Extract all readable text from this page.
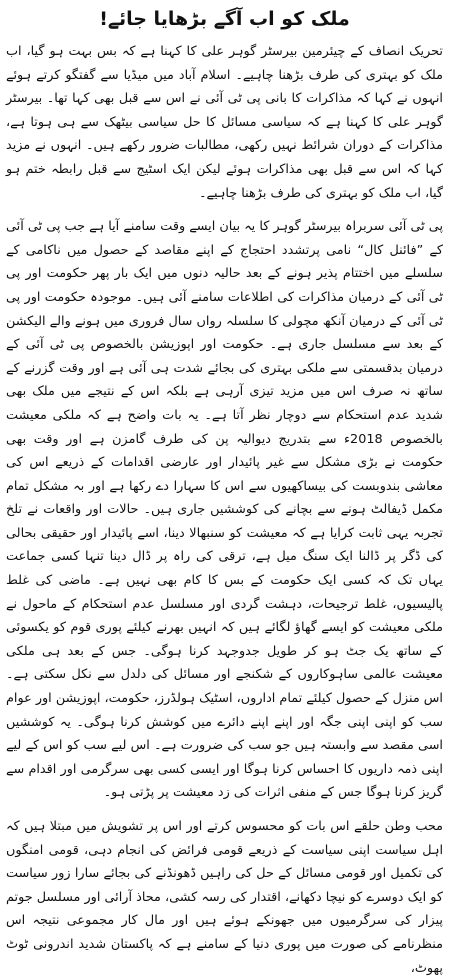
ملک کو اب آگے بڑھایا جائے!

تحریک انصاف کے چیئرمین بیرسٹر گوہر علی کا کہنا ہے کہ بس بہت ہو گیا، اب ملک کو بہتری کی طرف بڑھنا چاہیے۔ اسلام آباد میں میڈیا سے گفتگو کرتے ہوئے انہوں نے کہا کہ مذاکرات کا بانی پی ٹی آئی نے اس سے قبل بھی کہا تھا۔ بیرسٹر گوہر علی کا کہنا ہے کہ سیاسی مسائل کا حل سیاسی بیٹھک سے ہی ہوتا ہے، مذاکرات کے دوران شرائط نہیں رکھی، مطالبات ضرور رکھے ہیں۔ انہوں نے مزید کہا کہ اس سے قبل بھی مذاکرات ہوئے لیکن ایک اسٹیج سے قبل رابطہ ختم ہو گیا، اب ملک کو بہتری کی طرف بڑھنا چاہیے۔

پی ٹی آئی سربراہ بیرسٹر گوہر کا یہ بیان ایسے وقت سامنے آیا ہے جب پی ٹی آئی کے ”فائنل کال“ نامی پرتشدد احتجاج کے اپنے مقاصد کے حصول میں ناکامی کے سلسلے میں اختتام پذیر ہونے کے بعد حالیہ دنوں میں ایک بار پھر حکومت اور پی ٹی آئی کے درمیان مذاکرات کی اطلاعات سامنے آئی ہیں۔ موجودہ حکومت اور پی ٹی آئی کے درمیان آنکھ مچولی کا سلسلہ رواں سال فروری میں ہونے والے الیکشن کے بعد سے مسلسل جاری ہے۔ حکومت اور اپوزیشن بالخصوص پی ٹی آئی کے درمیان بدقسمتی سے ملکی بہتری کی بجائے شدت ہی آئی ہے اور وقت گزرنے کے ساتھ نہ صرف اس میں مزید تیزی آرہی ہے بلکہ اس کے نتیجے میں ملک بھی شدید عدم استحکام سے دوچار نظر آتا ہے۔ یہ بات واضح ہے کہ ملکی معیشت بالخصوص 2018ء سے بتدریج دیوالیہ پن کی طرف گامزن ہے اور وقت بھی حکومت نے بڑی مشکل سے غیر پائیدار اور عارضی اقدامات کے ذریعے اس کی معاشی بندوبست کی بیساکھیوں سے اس کا سہارا دے رکھا ہے اور بہ مشکل تمام مکمل ڈیفالٹ ہونے سے بچانے کی کوششیں جاری ہیں۔ حالات اور واقعات نے تلخ تجربہ یہی ثابت کرایا ہے کہ معیشت کو سنبھالا دینا، اسے پائیدار اور حقیقی بحالی کی ڈگر پر ڈالنا ایک سنگ میل ہے، ترقی کی راہ پر ڈال دینا تنہا کسی جماعت یہاں تک کہ کسی ایک حکومت کے بس کا کام بھی نہیں ہے۔ ماضی کی غلط پالیسیوں، غلط ترجیحات، دہشت گردی اور مسلسل عدم استحکام کے ماحول نے ملکی معیشت کو ایسے گھاؤ لگائے ہیں کہ انہیں بھرنے کیلئے پوری قوم کو یکسوئی کے ساتھ یک جٹ ہو کر طویل جدوجہد کرنا ہوگی۔ جس کے بعد ہی ملکی معیشت عالمی ساہوکاروں کے شکنجے اور مسائل کی دلدل سے نکل سکتی ہے۔ اس منزل کے حصول کیلئے تمام اداروں، اسٹیک ہولڈرز، حکومت، اپوزیشن اور عوام سب کو اپنی اپنی جگہ اور اپنے اپنے دائرے میں کوشش کرنا ہوگی۔ یہ کوششیں اسی مقصد سے وابستہ ہیں جو سب کی ضرورت ہے۔ اس لیے سب کو اس کے لیے اپنی ذمہ داریوں کا احساس کرنا ہوگا اور ایسی کسی بھی سرگرمی اور اقدام سے گریز کرنا ہوگا جس کے منفی اثرات کی زد معیشت پر پڑتی ہو۔

محب وطن حلقے اس بات کو محسوس کرتے اور اس پر تشویش میں مبتلا ہیں کہ اہل سیاست اپنی سیاست کے ذریعے قومی فرائض کی انجام دہی، قومی امنگوں کی تکمیل اور قومی مسائل کے حل کی راہیں ڈھونڈنے کی بجائے سارا زور سیاست کو ایک دوسرے کو نیچا دکھانے، اقتدار کی رسہ کشی، محاذ آرائی اور مسلسل جوتم پیزار کی سرگرمیوں میں جھونکے ہوئے ہیں اور مال کار مجموعی نتیجہ اس منظرنامے کی صورت میں پوری دنیا کے سامنے ہے کہ پاکستان شدید اندرونی ٹوٹ پھوٹ،
